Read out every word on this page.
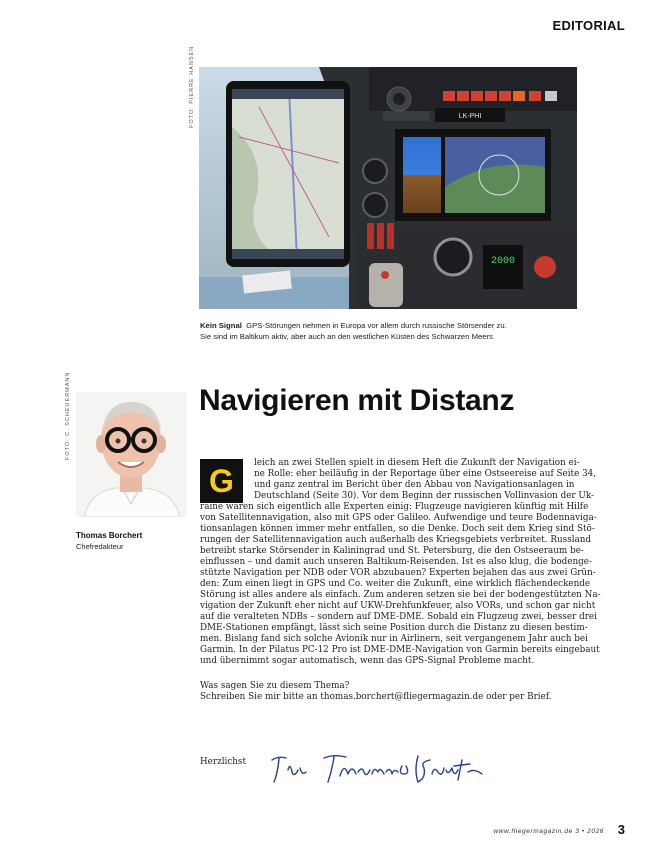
EDITORIAL
FOTO: PIERRE HANSEN	LK-PHI
2000
Kein Signal GPS-Störungen nehmen in Europa vor allem durch russische Störsender zu.
Sie sind im Baltikum aktiv, aber auch an den westlichen Küsten des Schwarzen Meers
FOTO: C. SCHEUERMANN
Thomas Borchert
Chefredakteur
Navigieren mit Distanz
G	leich an zwei Stellen spielt in diesem Heft die Zukunft der Navigation ei-
ne Rolle: eher beiläufig in der Reportage über eine Ostseereise auf Seite 34,
und ganz zentral im Bericht über den Abbau von Navigationsanlagen in
Deutschland (Seite 30). Vor dem Beginn der russischen Vollinvasion der Uk-
raine waren sich eigentlich alle Experten einig: Flugzeuge navigieren künftig mit Hilfe
von Satellitennavigation, also mit GPS oder Galileo. Aufwendige und teure Bodennaviga-
tionsanlagen können immer mehr entfallen, so die Denke. Doch seit dem Krieg sind Stö-
rungen der Satellitennavigation auch außerhalb des Kriegsgebiets verbreitet. Russland
betreibt starke Störsender in Kaliningrad und St. Petersburg, die den Ostseeraum be-
einflussen – und damit auch unseren Baltikum-Reisenden. Ist es also klug, die bodenge-
stützte Navigation per NDB oder VOR abzubauen? Experten bejahen das aus zwei Grün-
den: Zum einen liegt in GPS und Co. weiter die Zukunft, eine wirklich flächendeckende
Störung ist alles andere als einfach. Zum anderen setzen sie bei der bodengestützten Na-
vigation der Zukunft eher nicht auf UKW-Drehfunkfeuer, also VORs, und schon gar nicht
auf die veralteten NDBs – sondern auf DME-DME. Sobald ein Flugzeug zwei, besser drei
DME-Stationen empfängt, lässt sich seine Position durch die Distanz zu diesen bestim-
men. Bislang fand sich solche Avionik nur in Airlinern, seit vergangenem Jahr auch bei
Garmin. In der Pilatus PC-12 Pro ist DME-DME-Navigation von Garmin bereits eingebaut
und übernimmt sogar automatisch, wenn das GPS-Signal Probleme macht.
Was sagen Sie zu diesem Thema?
Schreiben Sie mir bitte an thomas.borchert@fliegermagazin.de oder per Brief.
Herzlichst
www.fliegermagazin.de 3 • 2026 3
